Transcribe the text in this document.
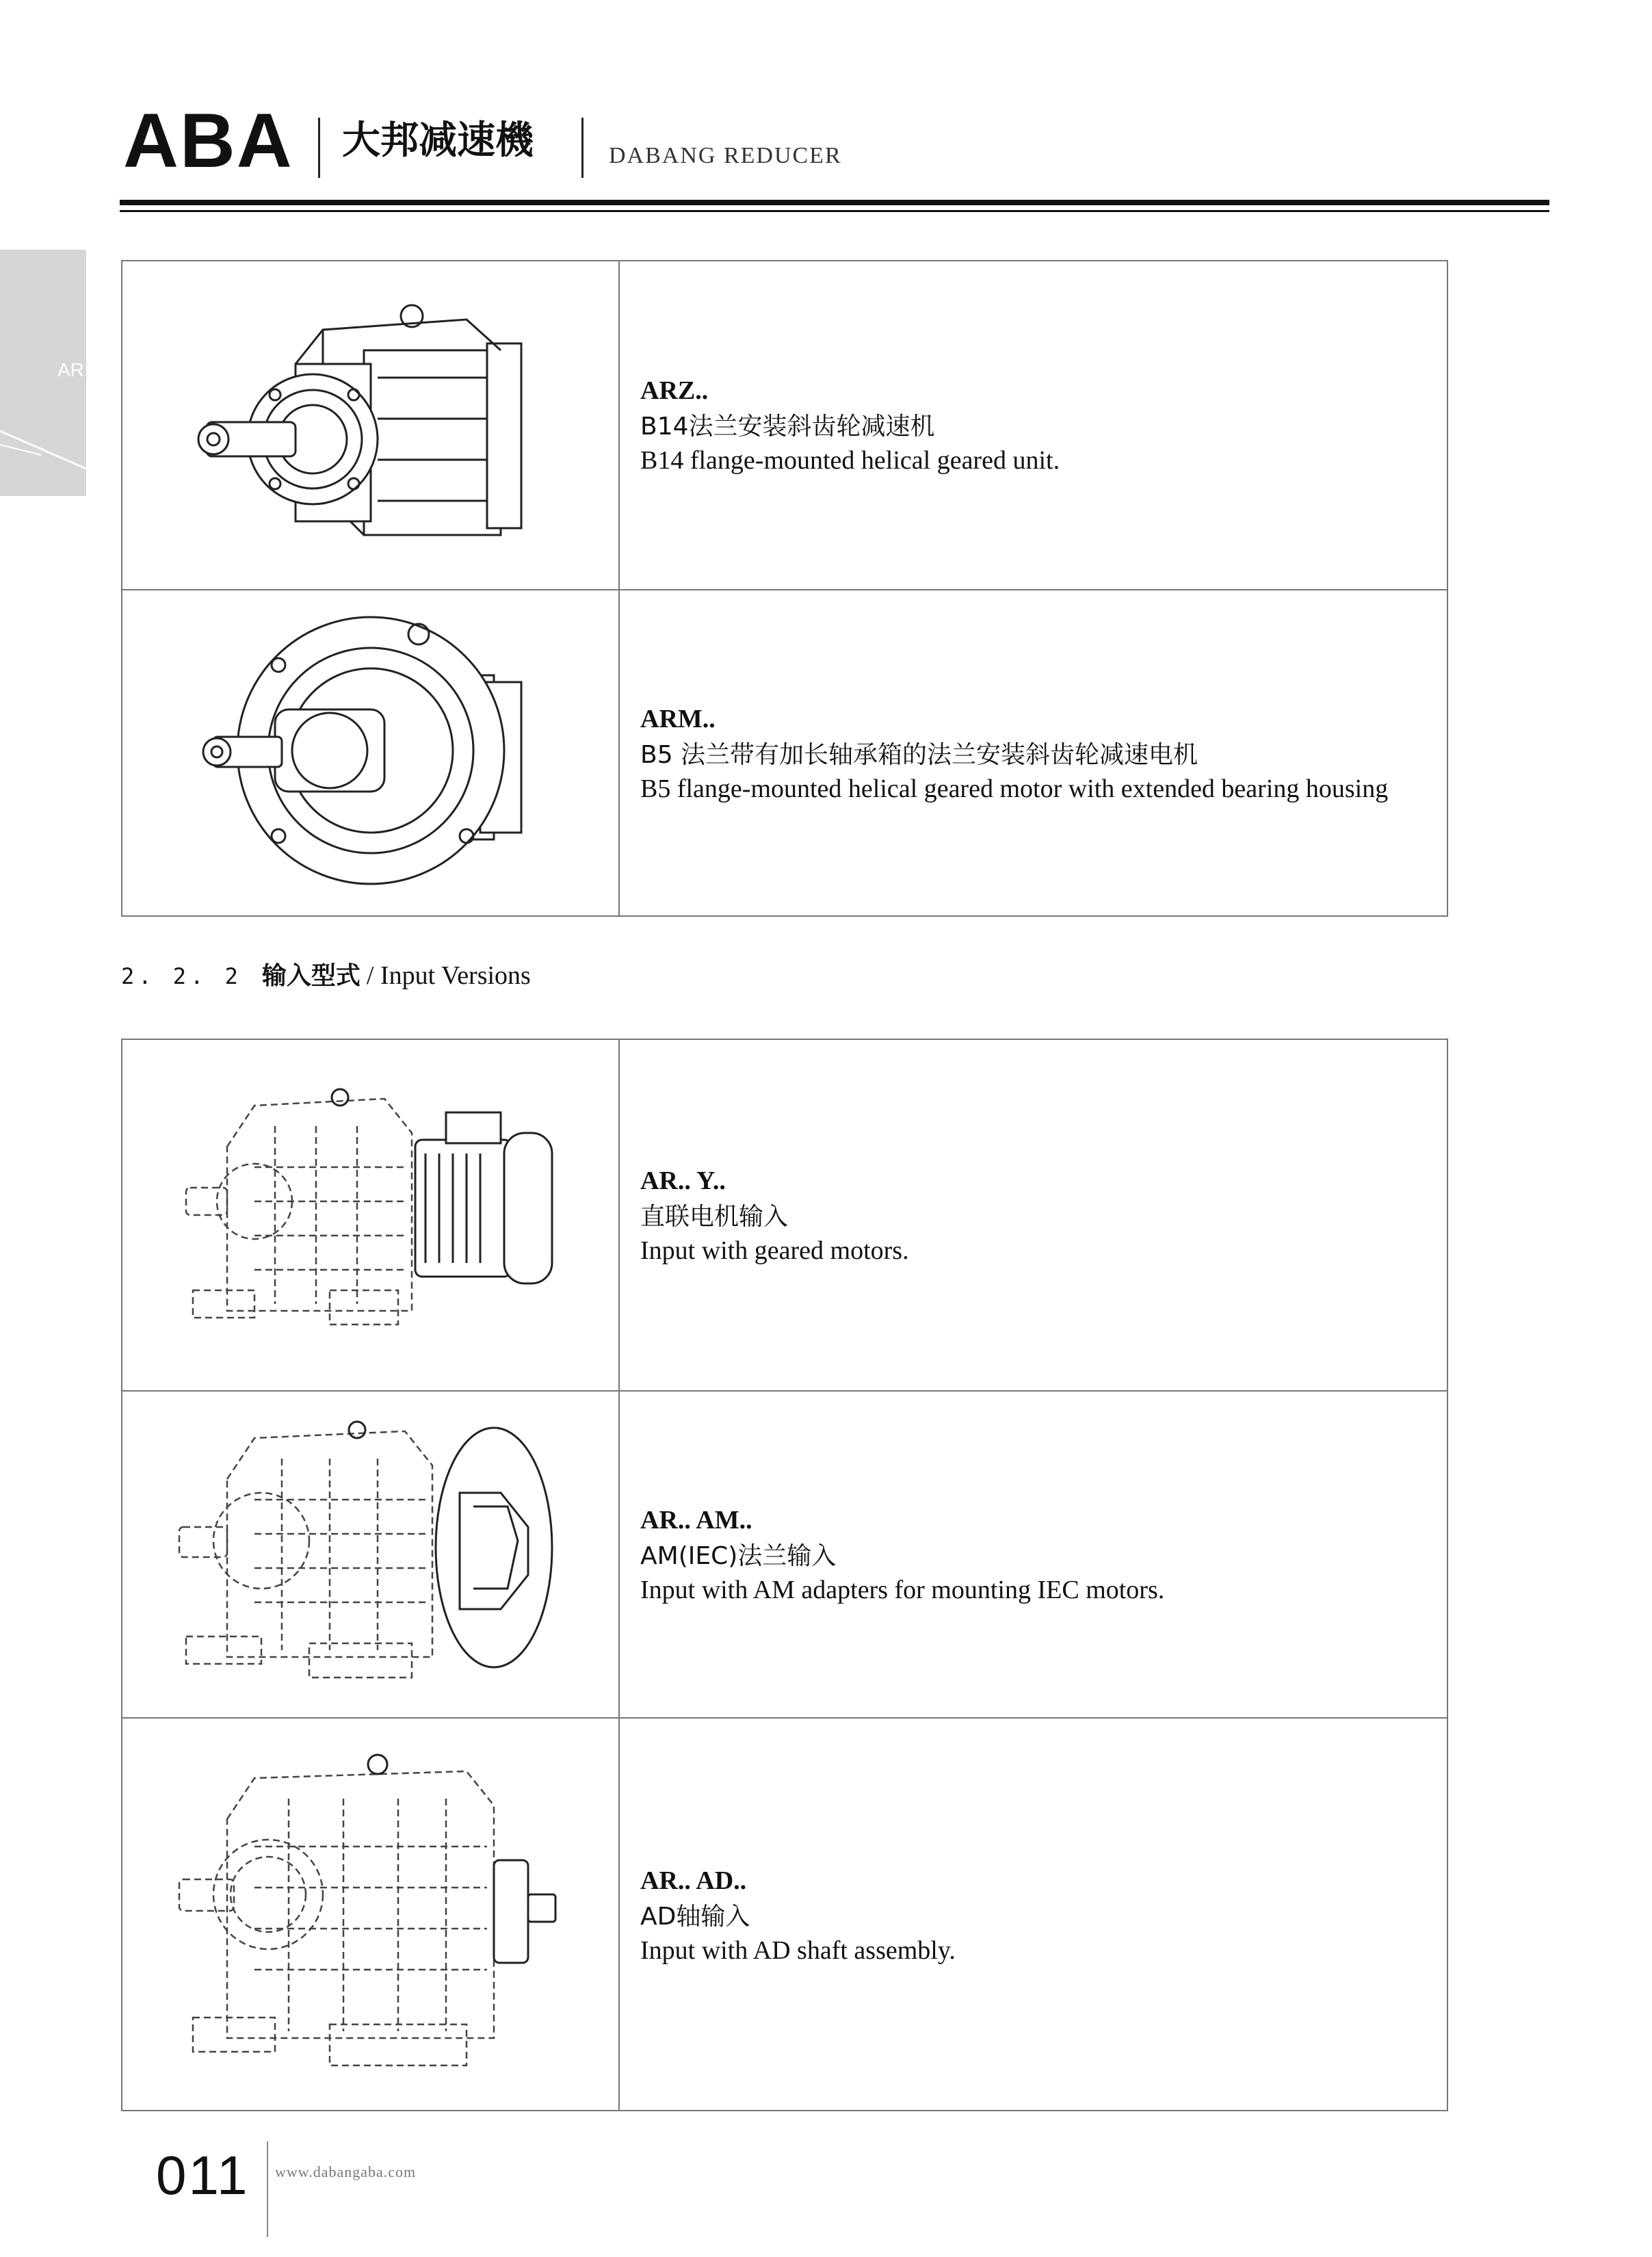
ABA 大邦减速機	DABANG REDUCER
AR
ARZ..
B14法兰安装斜齿轮减速机
B14 flange-mounted helical geared unit.
ARM..
B5 法兰带有加长轴承箱的法兰安装斜齿轮减速电机
B5 flange-mounted helical geared motor with extended bearing housing
2. 2. 2 输入型式 / Input Versions
AR.. Y..
直联电机输入
Input with geared motors.
AR.. AM..
AM(IEC)法兰输入
Input with AM adapters for mounting IEC motors.
AR.. AD..
AD轴输入
Input with AD shaft assembly.
011 www.dabangaba.com
